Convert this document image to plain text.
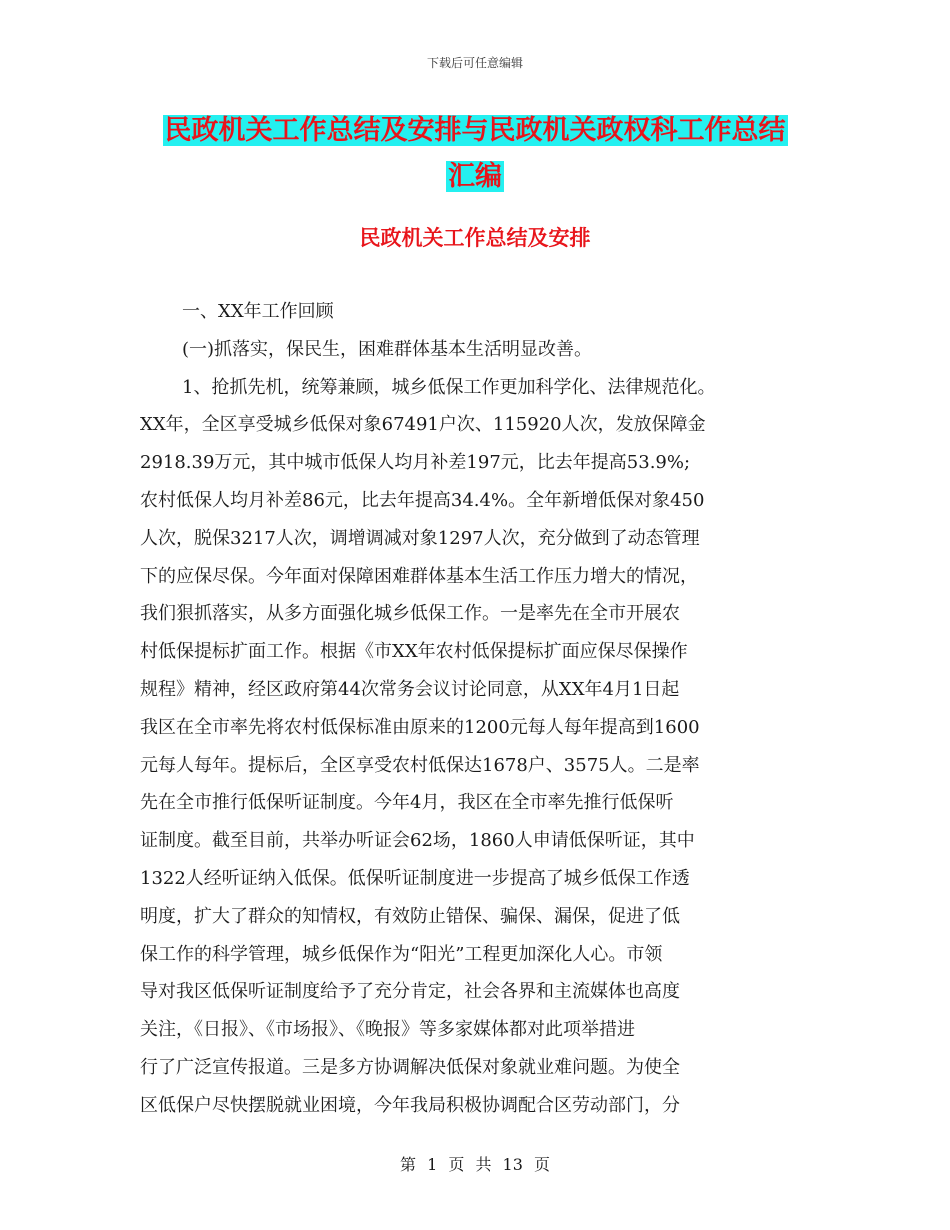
下载后可任意编辑
民政机关工作总结及安排与民政机关政权科工作总结
汇编
民政机关工作总结及安排

一、XX年工作回顾

(一)抓落实，保民生，困难群体基本生活明显改善。

1、抢抓先机，统筹兼顾，城乡低保工作更加科学化、法律规范化。
XX年，全区享受城乡低保对象67491户次、115920人次，发放保障金
2918.39万元，其中城市低保人均月补差197元，比去年提高53.9%;
农村低保人均月补差86元，比去年提高34.4%。全年新增低保对象450
人次，脱保3217人次，调增调减对象1297人次，充分做到了动态管理
下的应保尽保。今年面对保障困难群体基本生活工作压力增大的情况，
我们狠抓落实，从多方面强化城乡低保工作。一是率先在全市开展农
村低保提标扩面工作。根据《市XX年农村低保提标扩面应保尽保操作
规程》精神，经区政府第44次常务会议讨论同意，从XX年4月1日起
我区在全市率先将农村低保标准由原来的1200元每人每年提高到1600
元每人每年。提标后，全区享受农村低保达1678户、3575人。二是率
先在全市推行低保听证制度。今年4月，我区在全市率先推行低保听
证制度。截至目前，共举办听证会62场，1860人申请低保听证，其中
1322人经听证纳入低保。低保听证制度进一步提高了城乡低保工作透
明度，扩大了群众的知情权，有效防止错保、骗保、漏保，促进了低
保工作的科学管理，城乡低保作为“阳光”工程更加深化人心。市领
导对我区低保听证制度给予了充分肯定，社会各界和主流媒体也高度
关注，《日报》、《市场报》、《晚报》等多家媒体都对此项举措进
行了广泛宣传报道。三是多方协调解决低保对象就业难问题。为使全
区低保户尽快摆脱就业困境，今年我局积极协调配合区劳动部门，分
第 1 页 共 13 页
